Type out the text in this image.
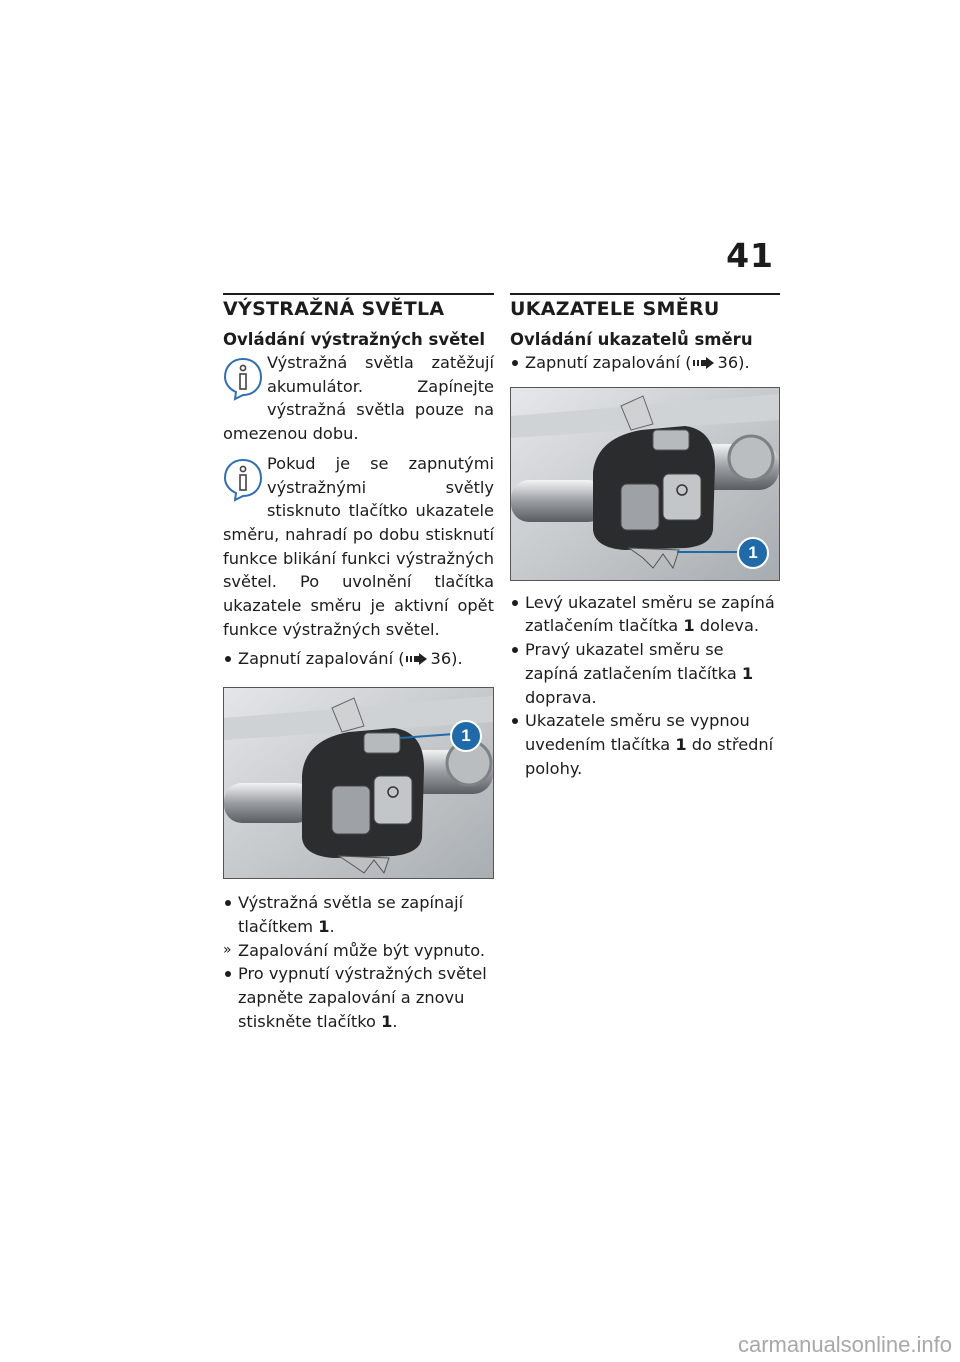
41
VÝSTRAŽNÁ SVĚTLA
Ovládání výstražných světel

Výstražná světla zatěžují akumulátor. Zapínejte výstražná světla pouze na omezenou dobu.

Pokud je se zapnutými výstražnými světly stisknuto tlačítko ukazatele směru, nahradí po dobu stisknutí funkce blikání funkci výstražných světel. Po uvolnění tlačítka ukazatele směru je aktivní opět funkce výstražných světel.

Zapnutí zapalování ( 36).
1
Výstražná světla se zapínají tlačítkem 1.
» Zapalování může být vypnuto.
Pro vypnutí výstražných světel zapněte zapalování a znovu stiskněte tlačítko 1.
UKAZATELE SMĚRU
Ovládání ukazatelů směru
Zapnutí zapalování ( 36).
1
Levý ukazatel směru se zapíná zatlačením tlačítka 1 doleva.
Pravý ukazatel směru se zapíná zatlačením tlačítka 1 doprava.
Ukazatele směru se vypnou uvedením tlačítka 1 do střední polohy.
carmanualsonline.info
